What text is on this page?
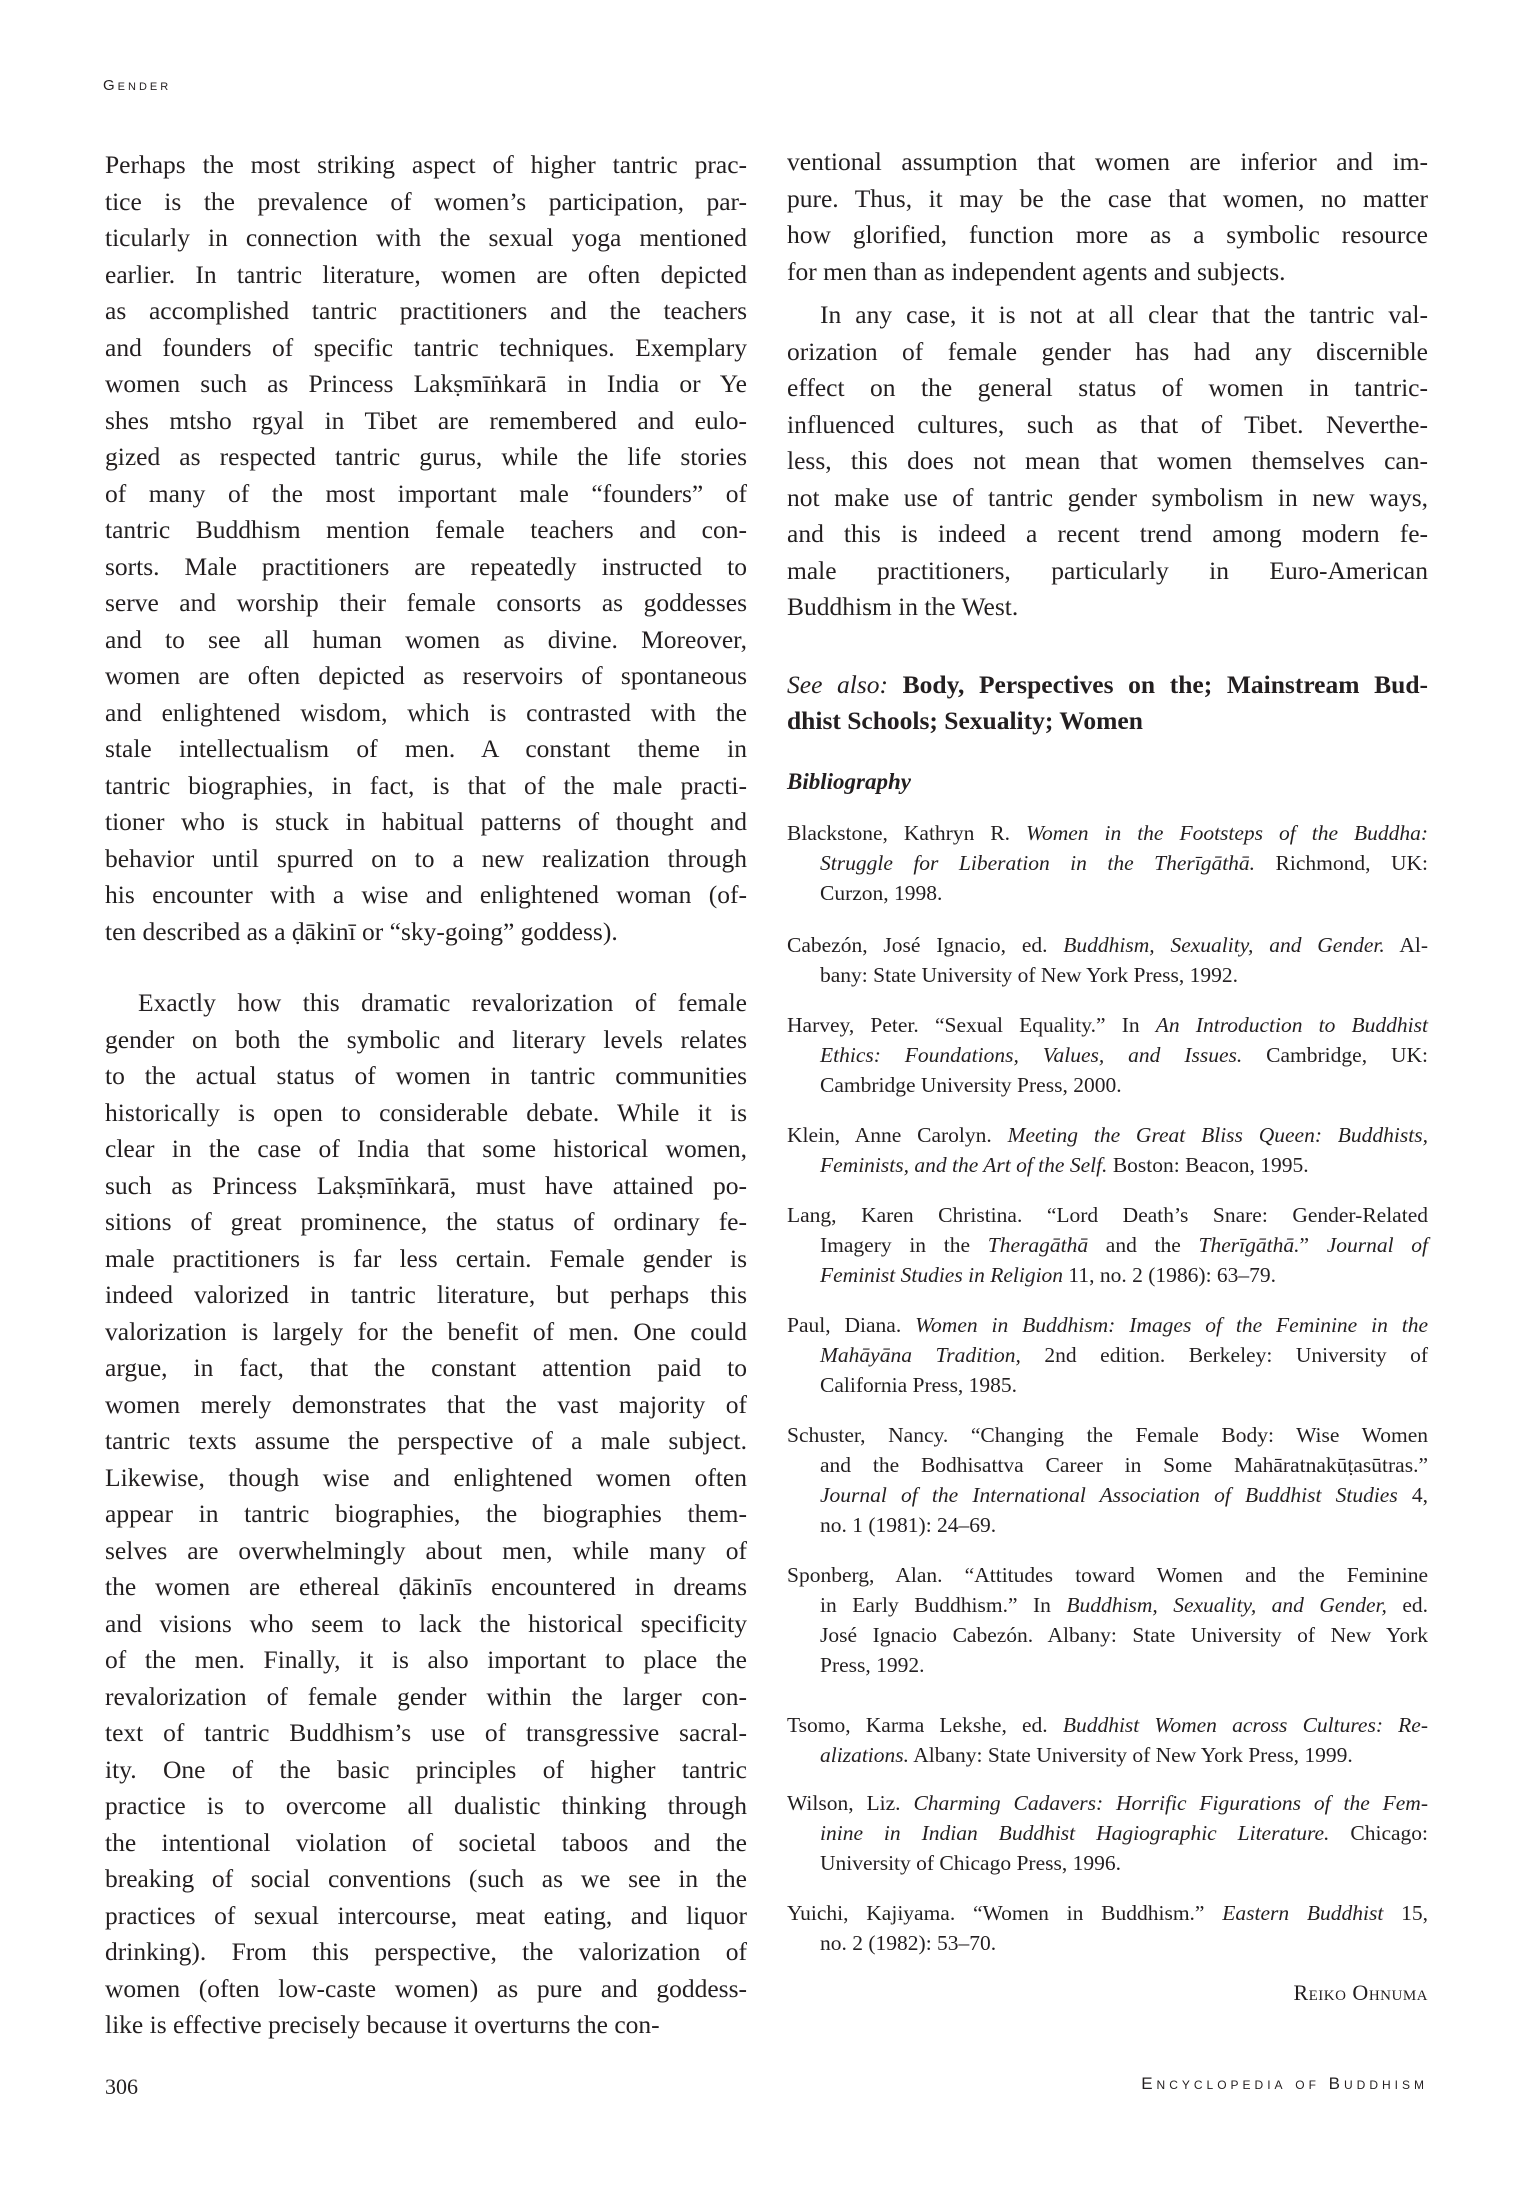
Gender
Perhaps the most striking aspect of higher tantric prac-
tice is the prevalence of women’s participation, par-
ticularly in connection with the sexual yoga mentioned
earlier. In tantric literature, women are often depicted
as accomplished tantric practitioners and the teachers
and founders of specific tantric techniques. Exemplary
women such as Princess Lakṣmīṅkarā in India or Ye
shes mtsho rgyal in Tibet are remembered and eulo-
gized as respected tantric gurus, while the life stories
of many of the most important male “founders” of
tantric Buddhism mention female teachers and con-
sorts. Male practitioners are repeatedly instructed to
serve and worship their female consorts as goddesses
and to see all human women as divine. Moreover,
women are often depicted as reservoirs of spontaneous
and enlightened wisdom, which is contrasted with the
stale intellectualism of men. A constant theme in
tantric biographies, in fact, is that of the male practi-
tioner who is stuck in habitual patterns of thought and
behavior until spurred on to a new realization through
his encounter with a wise and enlightened woman (of-
ten described as a ḍākinī or “sky-going” goddess).
Exactly how this dramatic revalorization of female
gender on both the symbolic and literary levels relates
to the actual status of women in tantric communities
historically is open to considerable debate. While it is
clear in the case of India that some historical women,
such as Princess Lakṣmīṅkarā, must have attained po-
sitions of great prominence, the status of ordinary fe-
male practitioners is far less certain. Female gender is
indeed valorized in tantric literature, but perhaps this
valorization is largely for the benefit of men. One could
argue, in fact, that the constant attention paid to
women merely demonstrates that the vast majority of
tantric texts assume the perspective of a male subject.
Likewise, though wise and enlightened women often
appear in tantric biographies, the biographies them-
selves are overwhelmingly about men, while many of
the women are ethereal ḍākinīs encountered in dreams
and visions who seem to lack the historical specificity
of the men. Finally, it is also important to place the
revalorization of female gender within the larger con-
text of tantric Buddhism’s use of transgressive sacral-
ity. One of the basic principles of higher tantric
practice is to overcome all dualistic thinking through
the intentional violation of societal taboos and the
breaking of social conventions (such as we see in the
practices of sexual intercourse, meat eating, and liquor
drinking). From this perspective, the valorization of
women (often low-caste women) as pure and goddess-
like is effective precisely because it overturns the con-
ventional assumption that women are inferior and im-
pure. Thus, it may be the case that women, no matter
how glorified, function more as a symbolic resource
for men than as independent agents and subjects.
In any case, it is not at all clear that the tantric val-
orization of female gender has had any discernible
effect on the general status of women in tantric-
influenced cultures, such as that of Tibet. Neverthe-
less, this does not mean that women themselves can-
not make use of tantric gender symbolism in new ways,
and this is indeed a recent trend among modern fe-
male practitioners, particularly in Euro-American
Buddhism in the West.
See also: Body, Perspectives on the; Mainstream Bud-
dhist Schools; Sexuality; Women
Bibliography
Blackstone, Kathryn R. Women in the Footsteps of the Buddha:
Struggle for Liberation in the Therīgāthā. Richmond, UK:
Curzon, 1998.
Cabezón, José Ignacio, ed. Buddhism, Sexuality, and Gender. Al-
bany: State University of New York Press, 1992.
Harvey, Peter. “Sexual Equality.” In An Introduction to Buddhist
Ethics: Foundations, Values, and Issues. Cambridge, UK:
Cambridge University Press, 2000.
Klein, Anne Carolyn. Meeting the Great Bliss Queen: Buddhists,
Feminists, and the Art of the Self. Boston: Beacon, 1995.
Lang, Karen Christina. “Lord Death’s Snare: Gender-Related
Imagery in the Theragāthā and the Therīgāthā.” Journal of
Feminist Studies in Religion 11, no. 2 (1986): 63–79.
Paul, Diana. Women in Buddhism: Images of the Feminine in the
Mahāyāna Tradition, 2nd edition. Berkeley: University of
California Press, 1985.
Schuster, Nancy. “Changing the Female Body: Wise Women
and the Bodhisattva Career in Some Mahāratnakūṭasūtras.”
Journal of the International Association of Buddhist Studies 4,
no. 1 (1981): 24–69.
Sponberg, Alan. “Attitudes toward Women and the Feminine
in Early Buddhism.” In Buddhism, Sexuality, and Gender, ed.
José Ignacio Cabezón. Albany: State University of New York
Press, 1992.
Tsomo, Karma Lekshe, ed. Buddhist Women across Cultures: Re-
alizations. Albany: State University of New York Press, 1999.
Wilson, Liz. Charming Cadavers: Horrific Figurations of the Fem-
inine in Indian Buddhist Hagiographic Literature. Chicago:
University of Chicago Press, 1996.
Yuichi, Kajiyama. “Women in Buddhism.” Eastern Buddhist 15,
no. 2 (1982): 53–70.
Reiko Ohnuma
306	Encyclopedia of Buddhism
